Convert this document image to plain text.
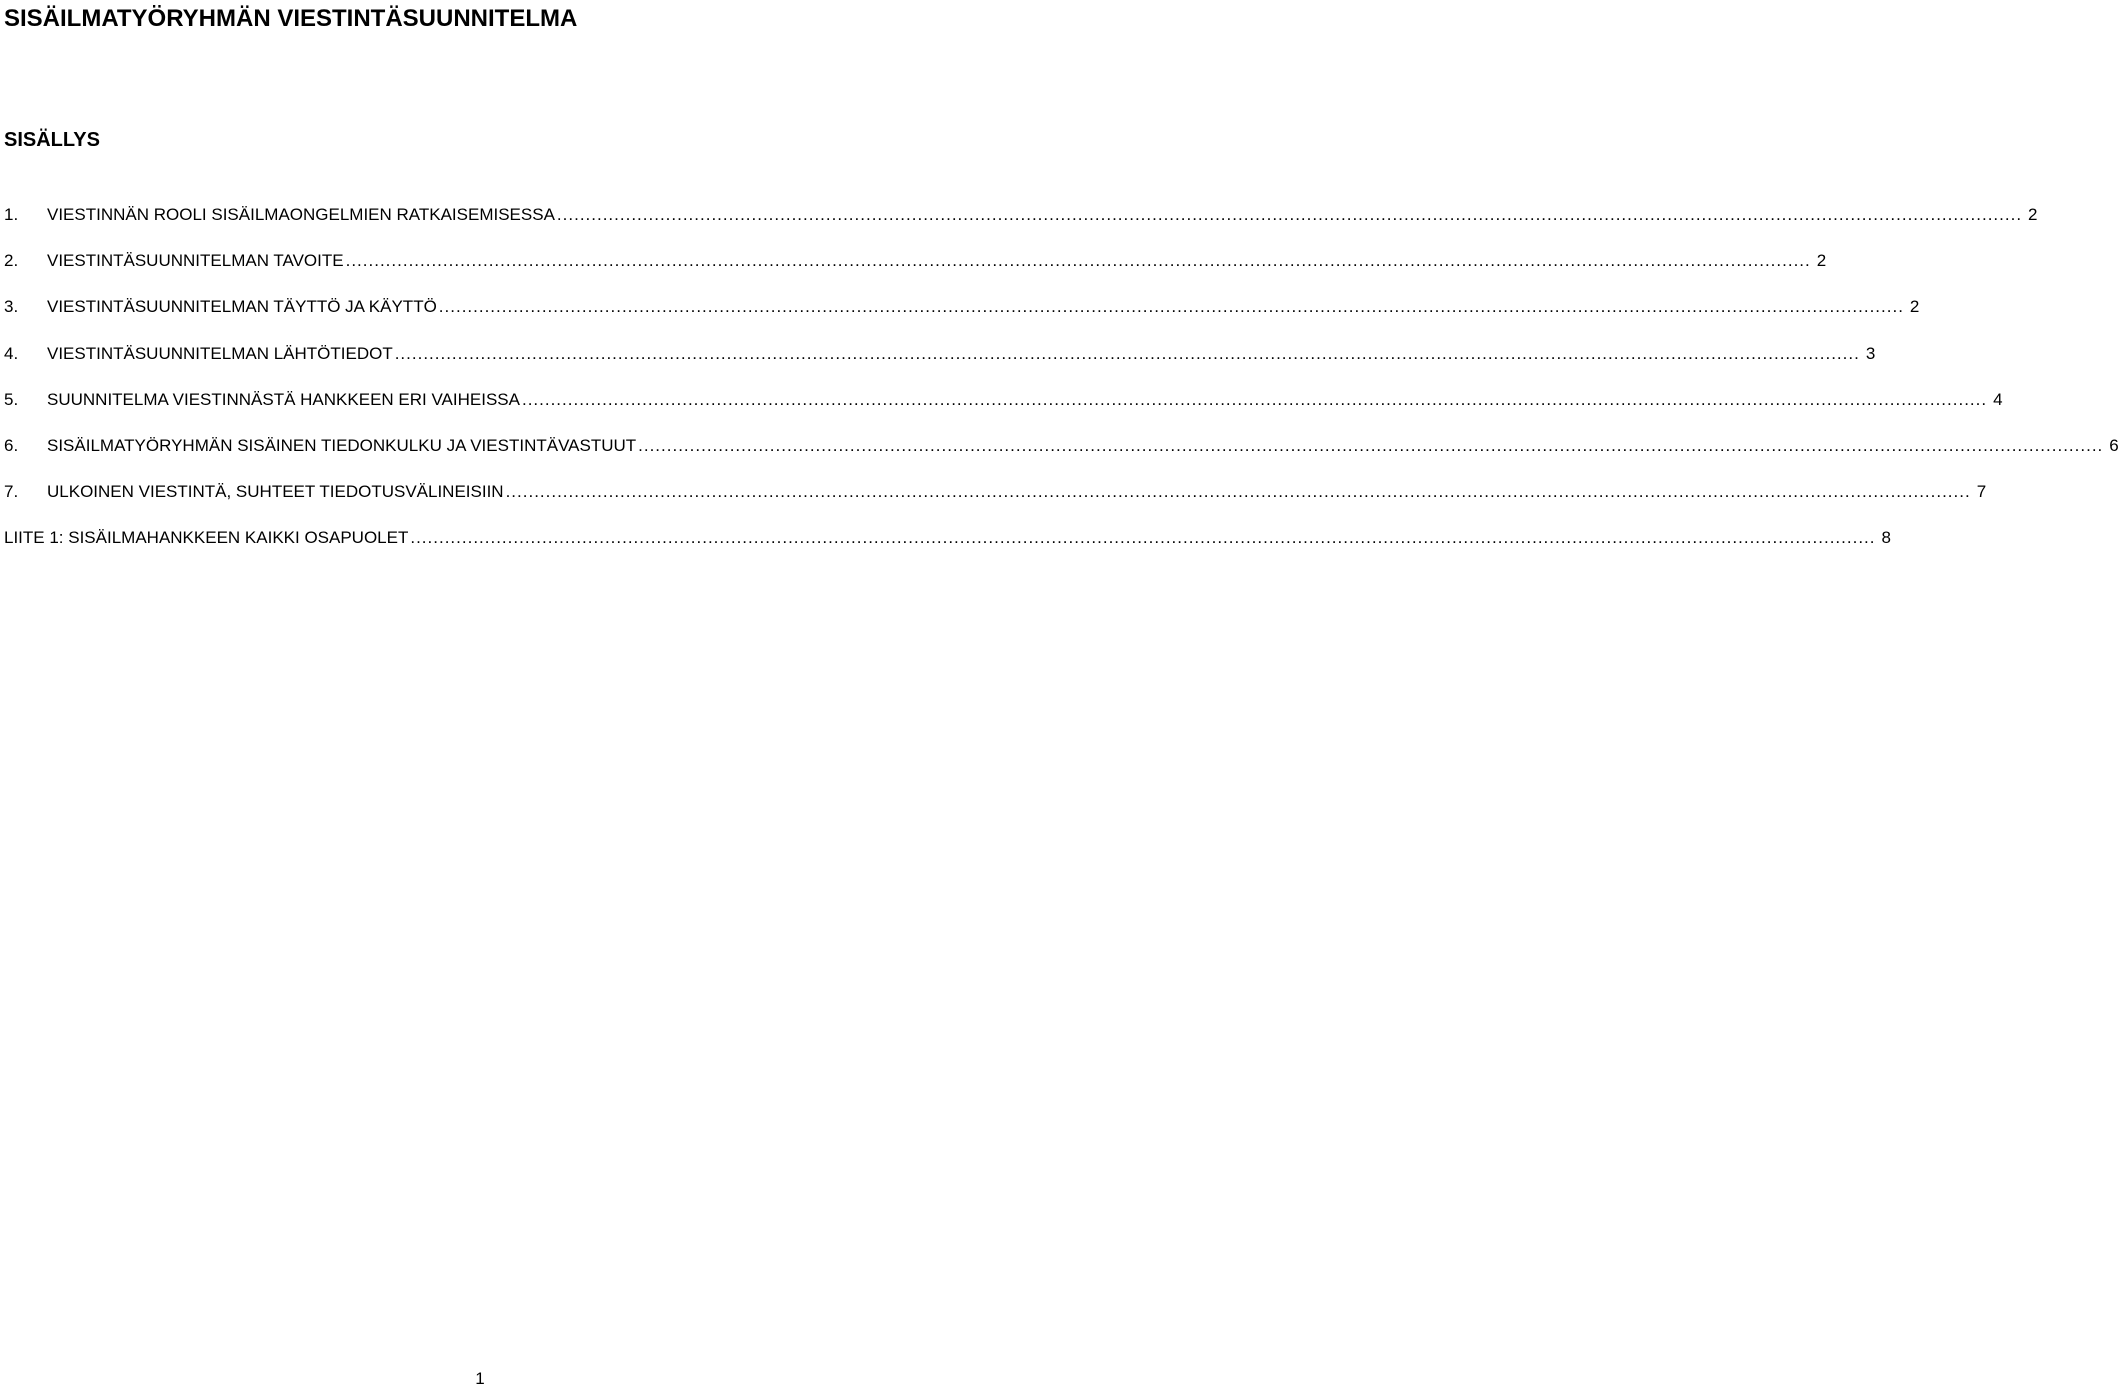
SISÄILMATYÖRYHMÄN VIESTINTÄSUUNNITELMA
SISÄLLYS
1.	VIESTINNÄN ROOLI SISÄILMAONGELMIEN RATKAISEMISESSA .....	2
2.	VIESTINTÄSUUNNITELMAN TAVOITE .....	2
3.	VIESTINTÄSUUNNITELMAN TÄYTTÖ JA KÄYTTÖ .....	2
4.	VIESTINTÄSUUNNITELMAN LÄHTÖTIEDOT .....	3
5.	SUUNNITELMA VIESTINNÄSTÄ HANKKEEN ERI VAIHEISSA .....	4
6.	SISÄILMATYÖRYHMÄN SISÄINEN TIEDONKULKU JA VIESTINTÄVASTUUT .....	6
7.	ULKOINEN VIESTINTÄ, SUHTEET TIEDOTUSVÄLINEISIIN .....	7
LIITE 1: SISÄILMAHANKKEEN KAIKKI OSAPUOLET .....	8
1
